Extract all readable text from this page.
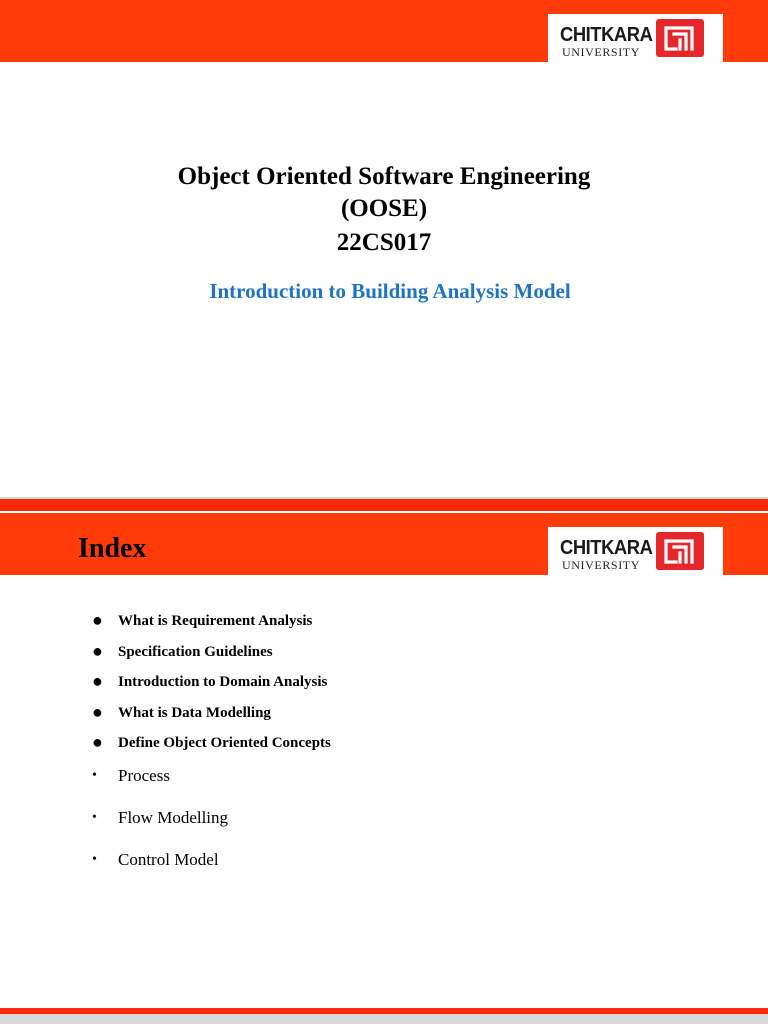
CHITKARA
UNIVERSITY
Object Oriented Software Engineering
(OOSE)
22CS017
Introduction to Building Analysis Model
CHITKARA
UNIVERSITY
Index
● What is Requirement Analysis
● Specification Guidelines
● Introduction to Domain Analysis
● What is Data Modelling
● Define Object Oriented Concepts
• Process
• Flow Modelling
• Control Model
